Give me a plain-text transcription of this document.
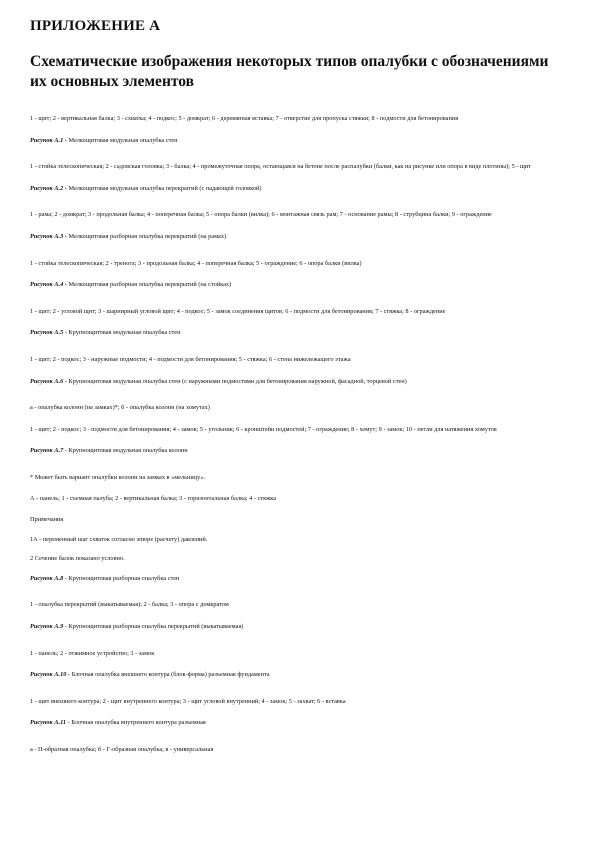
ПРИЛОЖЕНИЕ А
Схематические изображения некоторых типов опалубки с обозначениями их основных элементов
1 - щит; 2 - вертикальная балка; 3 - схватка; 4 - подкос; 5 - домкрат; 6 - деревянная вставка; 7 - отверстие для пропуска стяжки; 8 - подмости для бетонирования
Рисунок А.1 - Мелкощитовая модульная опалубка стен
1 - стойка телескопическая; 2 - садовская головка; 3 - балка; 4 - промежуточная опора, остающаяся на бетоне после распалубки (балки, как на рисунке или опора в виде плотины); 5 - щит
Рисунок А.2 - Мелкощитовая модульная опалубка перекрытий (с падающей головкой)
1 - рама; 2 - домкрат; 3 - продольная балка; 4 - поперечная балка; 5 - опора балки (вилка); 6 - монтажная связь рам; 7 - основание рамы; 8 - струбцина балки; 9 - ограждение
Рисунок А.3 - Мелкощитовая разборная опалубка перекрытий (на рамах)
1 - стойка телескопическая; 2 - тренога; 3 - продольная балка; 4 - поперечная балка; 5 - ограждение; 6 - опора балки (вилка)
Рисунок А.4 - Мелкощитовая разборная опалубка перекрытий (на стойках)
1 - щит; 2 - угловой щит; 3 - шарнирный угловой щит; 4 - подкос; 5 - замок соединения щитов; 6 - подмости для бетонирования; 7 - стяжка; 8 - ограждение
Рисунок А.5 - Крупнощитовая модульная опалубка стен
1 - щит; 2 - подкос; 3 - наружные подмости; 4 - подмости для бетонирования; 5 - стяжка; 6 - стена нижележащего этажа
Рисунок А.6 - Крупнощитовая модульная опалубка стен (с наружными подмостями для бетонирования наружной, фасадной, торцевой стен)
а - опалубка колонн (на замках)*; б - опалубка колонн (на хомутах)
1 - щит; 2 - подкос; 3 - подмости для бетонирования; 4 - замок; 5 - угольник; 6 - кронштейн подмостей; 7 - ограждение; 8 - хомут; 9 - замок; 10 - петли для натяжения хомутов
Рисунок А.7 - Крупнощитовая модульная опалубка колонн
* Может быть вариант опалубки колонн на замках в «мельницу».
А - панель; 1 - съемная палуба; 2 - вертикальная балка; 3 - горизонтальная балка; 4 - стяжка
Примечания
1А - переменный шаг схваток согласно эпюре (расчету) давлений.
2 Сечение балок показано условно.
Рисунок А.8 - Крупнощитовая разборная опалубка стен
1 - опалубка перекрытий (выкатываемая); 2 - балка; 3 - опора с домкратом
Рисунок А.9 - Крупнощитовая разборная опалубка перекрытий (выкатываемая)
1 - панель; 2 - отжимное устройство; 3 - замок
Рисунок А.10 - Блочная опалубка внешнего контура (блок-форма) разъемная фундамента
1 - щит внешнего контура; 2 - щит внутреннего контура; 3 - щит угловой внутренний; 4 - замок; 5 - захват; 6 - вставка
Рисунок А.11 - Блочная опалубка внутреннего контура разъемная
а - П-образная опалубка; б - Г-образная опалубка; в - универсальная
